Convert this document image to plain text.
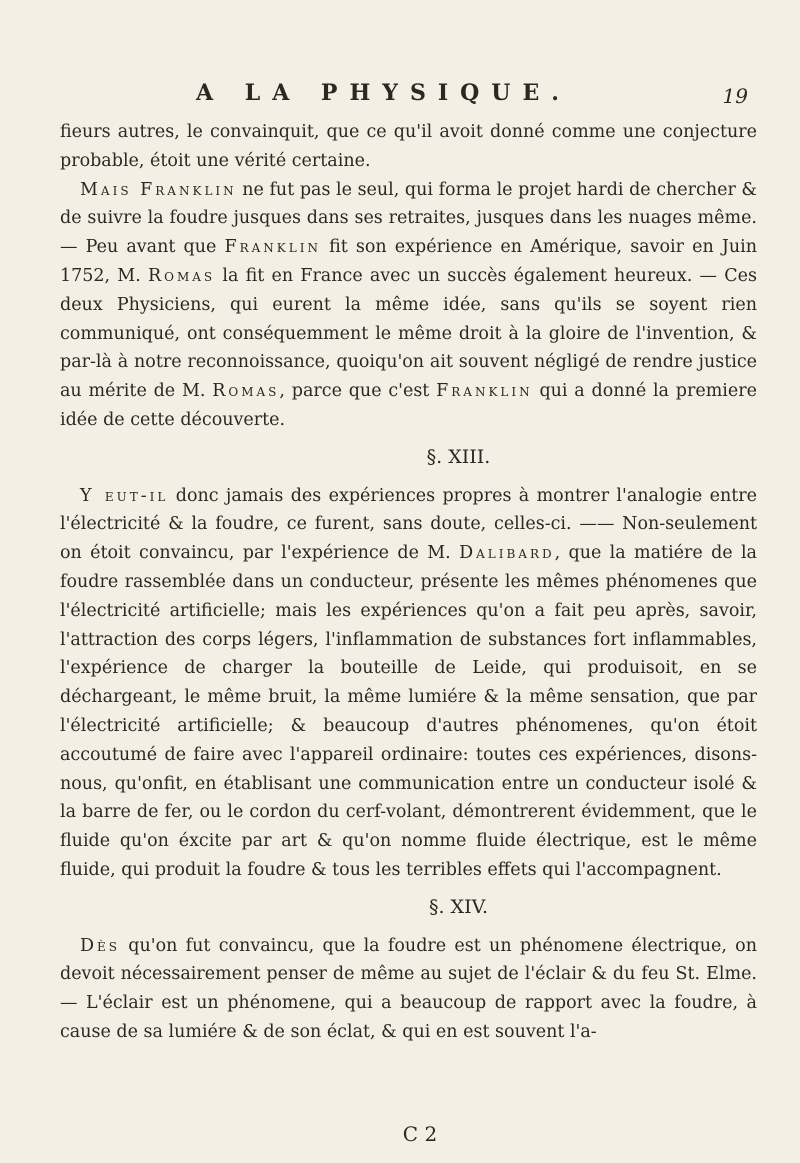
A LA PHYSIQUE.	19

fieurs autres, le convainquit, que ce qu'il avoit donné comme une conjecture probable, étoit une vérité certaine.

Mais Franklin ne fut pas le seul, qui forma le projet hardi de chercher & de suivre la foudre jusques dans ses retraites, jusques dans les nuages même. — Peu avant que Franklin fit son expérience en Amérique, savoir en Juin 1752, M. Romas la fit en France avec un succès également heureux. — Ces deux Physiciens, qui eurent la même idée, sans qu'ils se soyent rien communiqué, ont conséquemment le même droit à la gloire de l'invention, & par-là à notre reconnoissance, quoiqu'on ait souvent négligé de rendre justice au mérite de M. Romas, parce que c'est Franklin qui a donné la premiere idée de cette découverte.

§. XIII.

Y eut-il donc jamais des expériences propres à montrer l'analogie entre l'électricité & la foudre, ce furent, sans doute, celles-ci. —— Non-seulement on étoit convaincu, par l'expérience de M. Dalibard, que la matiére de la foudre rassemblée dans un conducteur, présente les mêmes phénomenes que l'électricité artificielle; mais les expériences qu'on a fait peu après, savoir, l'attraction des corps légers, l'inflammation de substances fort inflammables, l'expérience de charger la bouteille de Leide, qui produisoit, en se déchargeant, le même bruit, la même lumiére & la même sensation, que par l'électricité artificielle; & beaucoup d'autres phénomenes, qu'on étoit accoutumé de faire avec l'appareil ordinaire: toutes ces expériences, disons-nous, qu'onfit, en établisant une communication entre un conducteur isolé & la barre de fer, ou le cordon du cerf-volant, démontrerent évidemment, que le fluide qu'on éxcite par art & qu'on nomme fluide électrique, est le même fluide, qui produit la foudre & tous les terribles effets qui l'accompagnent.

§. XIV.

Dès qu'on fut convaincu, que la foudre est un phénomene électrique, on devoit nécessairement penser de même au sujet de l'éclair & du feu St. Elme. — L'éclair est un phénomene, qui a beaucoup de rapport avec la foudre, à cause de sa lumiére & de son éclat, & qui en est souvent l'a-

C 2
